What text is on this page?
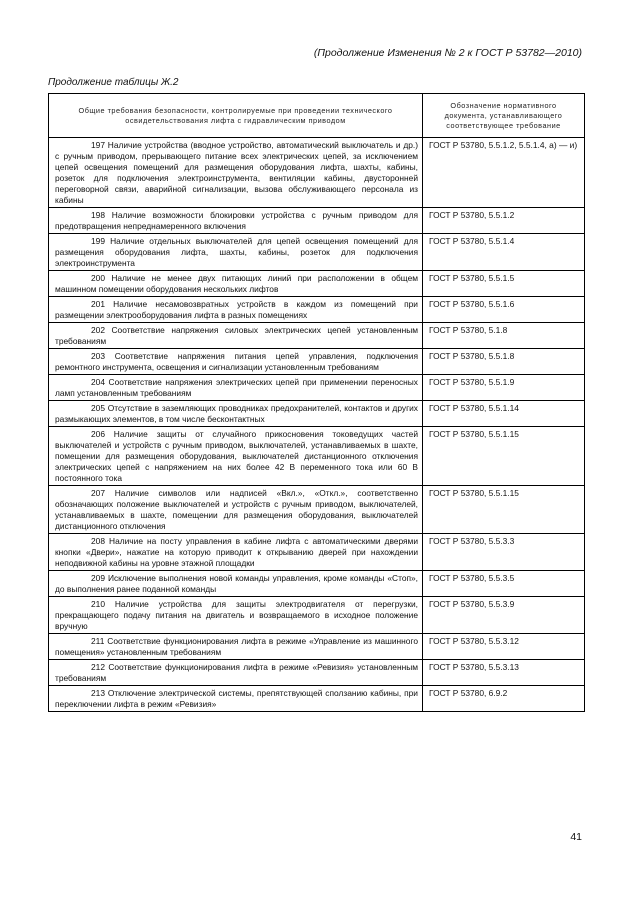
(Продолжение Изменения № 2 к ГОСТ Р 53782—2010)
Продолжение таблицы Ж.2
Общие требования безопасности, контролируемые при проведении технического освидетельствования лифта с гидравлическим приводом	Обозначение нормативного документа, устанавливающего соответствующее требование
197 Наличие устройства (вводное устройство, автоматический выключатель и др.) с ручным приводом, прерывающего питание всех электрических цепей, за исключением цепей освещения помещений для размещения оборудования лифта, шахты, кабины, розеток для подключения электроинструмента, вентиляции кабины, двусторонней переговорной связи, аварийной сигнализации, вызова обслуживающего персонала из кабины	ГОСТ Р 53780, 5.5.1.2, 5.5.1.4, а) — и)
198 Наличие возможности блокировки устройства с ручным приводом для предотвращения непреднамеренного включения	ГОСТ Р 53780, 5.5.1.2
199 Наличие отдельных выключателей для цепей освещения помещений для размещения оборудования лифта, шахты, кабины, розеток для подключения электроинструмента	ГОСТ Р 53780, 5.5.1.4
200 Наличие не менее двух питающих линий при расположении в общем машинном помещении оборудования нескольких лифтов	ГОСТ Р 53780, 5.5.1.5
201 Наличие несамовозвратных устройств в каждом из помещений при размещении электрооборудования лифта в разных помещениях	ГОСТ Р 53780, 5.5.1.6
202 Соответствие напряжения силовых электрических цепей установленным требованиям	ГОСТ Р 53780, 5.1.8
203 Соответствие напряжения питания цепей управления, подключения ремонтного инструмента, освещения и сигнализации установленным требованиям	ГОСТ Р 53780, 5.5.1.8
204 Соответствие напряжения электрических цепей при применении переносных ламп установленным требованиям	ГОСТ Р 53780, 5.5.1.9
205 Отсутствие в заземляющих проводниках предохранителей, контактов и других размыкающих элементов, в том числе бесконтактных	ГОСТ Р 53780, 5.5.1.14
206 Наличие защиты от случайного прикосновения токоведущих частей выключателей и устройств с ручным приводом, выключателей, устанавливаемых в шахте, помещении для размещения оборудования, выключателей дистанционного отключения электрических цепей с напряжением на них более 42 В переменного тока или 60 В постоянного тока	ГОСТ Р 53780, 5.5.1.15
207 Наличие символов или надписей «Вкл.», «Откл.», соответственно обозначающих положение выключателей и устройств с ручным приводом, выключателей, устанавливаемых в шахте, помещении для размещения оборудования, выключателей дистанционного отключения	ГОСТ Р 53780, 5.5.1.15
208 Наличие на посту управления в кабине лифта с автоматическими дверями кнопки «Двери», нажатие на которую приводит к открыванию дверей при нахождении неподвижной кабины на уровне этажной площадки	ГОСТ Р 53780, 5.5.3.3
209 Исключение выполнения новой команды управления, кроме команды «Стоп», до выполнения ранее поданной команды	ГОСТ Р 53780, 5.5.3.5
210 Наличие устройства для защиты электродвигателя от перегрузки, прекращающего подачу питания на двигатель и возвращаемого в исходное положение вручную	ГОСТ Р 53780, 5.5.3.9
211 Соответствие функционирования лифта в режиме «Управление из машинного помещения» установленным требованиям	ГОСТ Р 53780, 5.5.3.12
212 Соответствие функционирования лифта в режиме «Ревизия» установленным требованиям	ГОСТ Р 53780, 5.5.3.13
213 Отключение электрической системы, препятствующей сползанию кабины, при переключении лифта в режим «Ревизия»	ГОСТ Р 53780, 6.9.2
41
